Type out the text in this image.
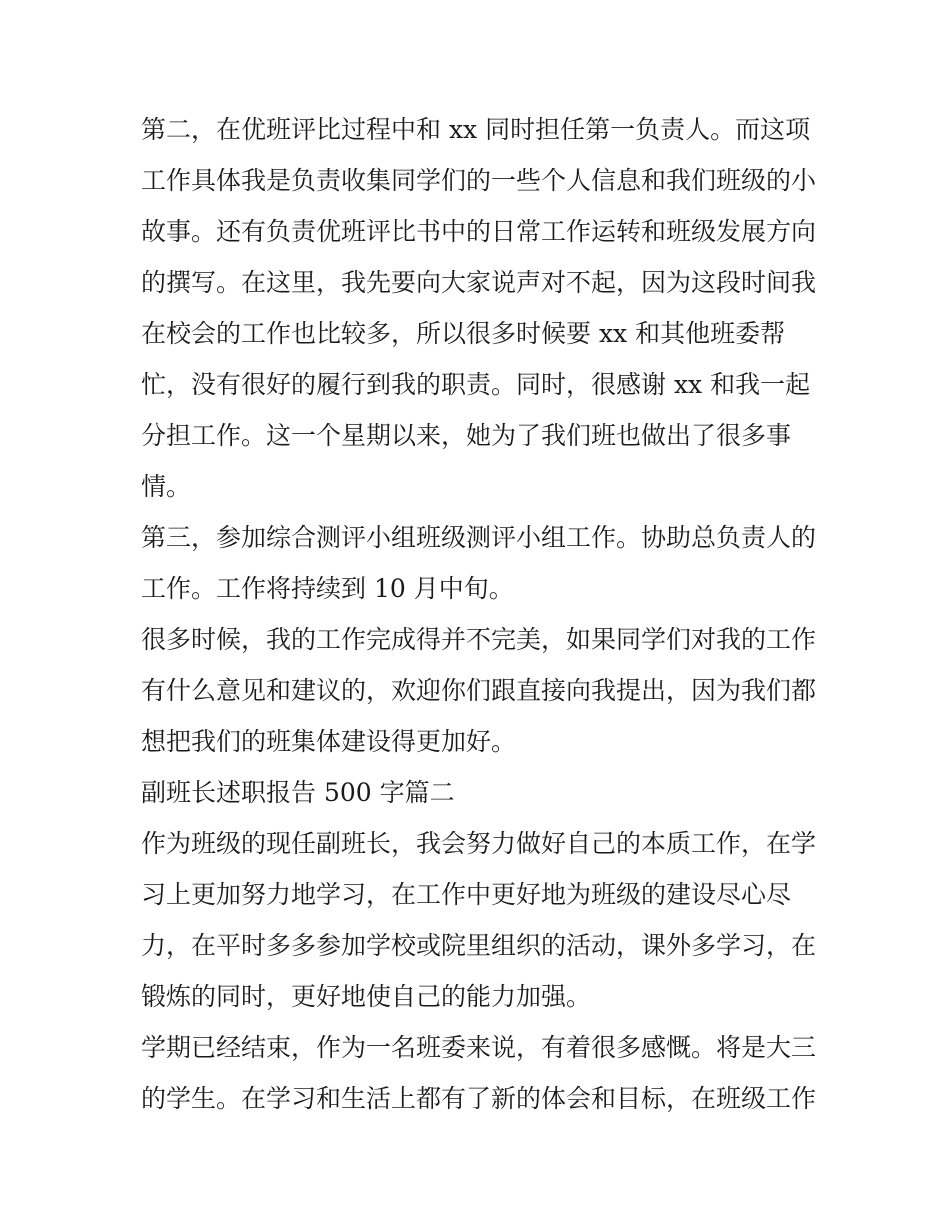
第二，在优班评比过程中和 xx 同时担任第一负责人。而这项
工作具体我是负责收集同学们的一些个人信息和我们班级的小
故事。还有负责优班评比书中的日常工作运转和班级发展方向
的撰写。在这里，我先要向大家说声对不起，因为这段时间我
在校会的工作也比较多，所以很多时候要 xx 和其他班委帮
忙，没有很好的履行到我的职责。同时，很感谢 xx 和我一起
分担工作。这一个星期以来，她为了我们班也做出了很多事
情。
第三，参加综合测评小组班级测评小组工作。协助总负责人的
工作。工作将持续到 10 月中旬。
很多时候，我的工作完成得并不完美，如果同学们对我的工作
有什么意见和建议的，欢迎你们跟直接向我提出，因为我们都
想把我们的班集体建设得更加好。
副班长述职报告 500 字篇二
作为班级的现任副班长，我会努力做好自己的本质工作，在学
习上更加努力地学习，在工作中更好地为班级的建设尽心尽
力，在平时多多参加学校或院里组织的活动，课外多学习，在
锻炼的同时，更好地使自己的能力加强。
学期已经结束，作为一名班委来说，有着很多感慨。将是大三
的学生。在学习和生活上都有了新的体会和目标，在班级工作
